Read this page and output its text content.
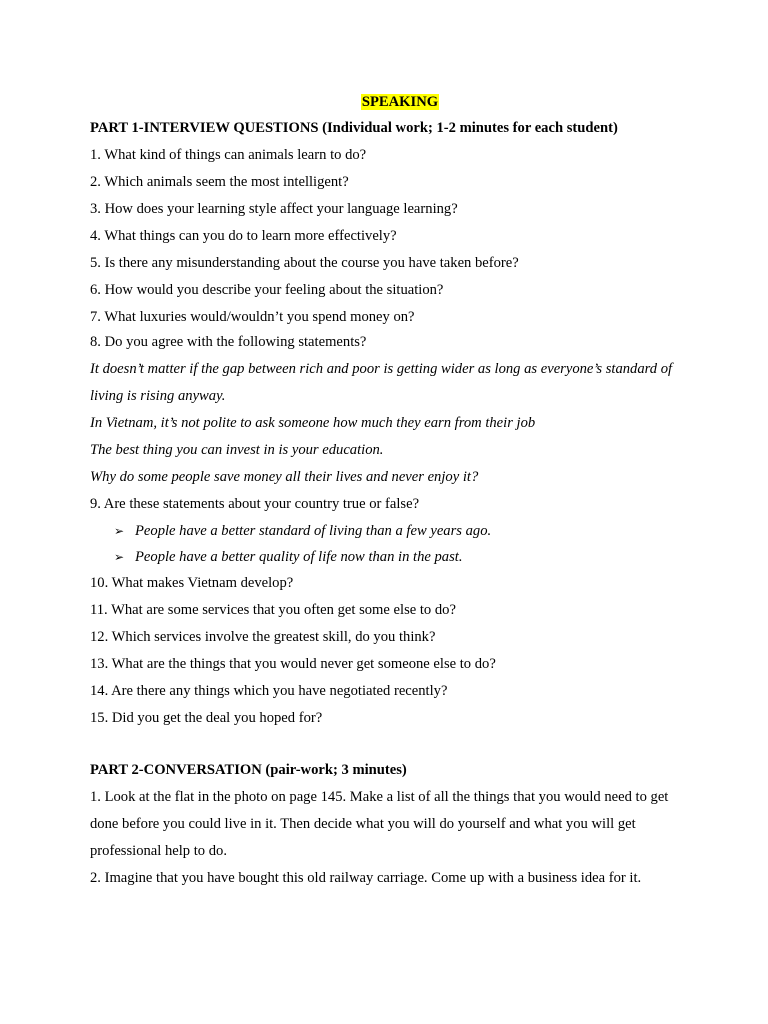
SPEAKING
PART 1-INTERVIEW QUESTIONS (Individual work; 1-2 minutes for each student)
1. What kind of things can animals learn to do?
2. Which animals seem the most intelligent?
3. How does your learning style affect your language learning?
4. What things can you do to learn more effectively?
5. Is there any misunderstanding about the course you have taken before?
6. How would you describe your feeling about the situation?
7. What luxuries would/wouldn’t you spend money on?
8. Do you agree with the following statements?
It doesn’t matter if the gap between rich and poor is getting wider as long as everyone’s standard of
living is rising anyway.
In Vietnam, it’s not polite to ask someone how much they earn from their job
The best thing you can invest in is your education.
Why do some people save money all their lives and never enjoy it?
9. Are these statements about your country true or false?
➢ People have a better standard of living than a few years ago.
➢ People have a better quality of life now than in the past.
10. What makes Vietnam develop?
11. What are some services that you often get some else to do?
12. Which services involve the greatest skill, do you think?
13. What are the things that you would never get someone else to do?
14. Are there any things which you have negotiated recently?
15. Did you get the deal you hoped for?
PART 2-CONVERSATION (pair-work; 3 minutes)
1. Look at the flat in the photo on page 145. Make a list of all the things that you would need to get
done before you could live in it. Then decide what you will do yourself and what you will get
professional help to do.
2. Imagine that you have bought this old railway carriage. Come up with a business idea for it.
